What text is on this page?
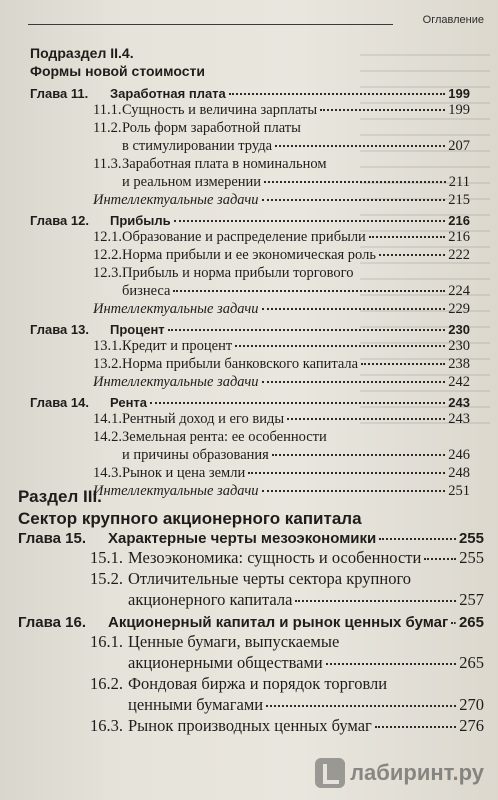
Оглавление
Подраздел II.4.
Формы новой стоимости
Глава 11.	Заработная плата	199
11.1. Сущность и величина зарплаты	199
11.2. Роль форм заработной платы
в стимулировании труда	207
11.3. Заработная плата в номинальном
и реальном измерении	211
Интеллектуальные задачи	215
Глава 12.	Прибыль	216
12.1. Образование и распределение прибыли	216
12.2. Норма прибыли и ее экономическая роль	222
12.3. Прибыль и норма прибыли торгового
бизнеса	224
Интеллектуальные задачи	229
Глава 13.	Процент	230
13.1. Кредит и процент	230
13.2. Норма прибыли банковского капитала	238
Интеллектуальные задачи	242
Глава 14.	Рента	243
14.1. Рентный доход и его виды	243
14.2. Земельная рента: ее особенности
и причины образования	246
14.3. Рынок и цена земли	248
Интеллектуальные задачи	251
Раздел III.
Сектор крупного акционерного капитала
Глава 15.	Характерные черты мезоэкономики	255
15.1. Мезоэкономика: сущность и особенности 255
15.2. Отличительные черты сектора крупного
акционерного капитала	257
Глава 16.	Акционерный капитал и рынок ценных бумаг 265
16.1. Ценные бумаги, выпускаемые
акционерными обществами	265
16.2. Фондовая биржа и порядок торговли
ценными бумагами	270
16.3. Рынок производных ценных бумаг	276
лабиринт.ру
